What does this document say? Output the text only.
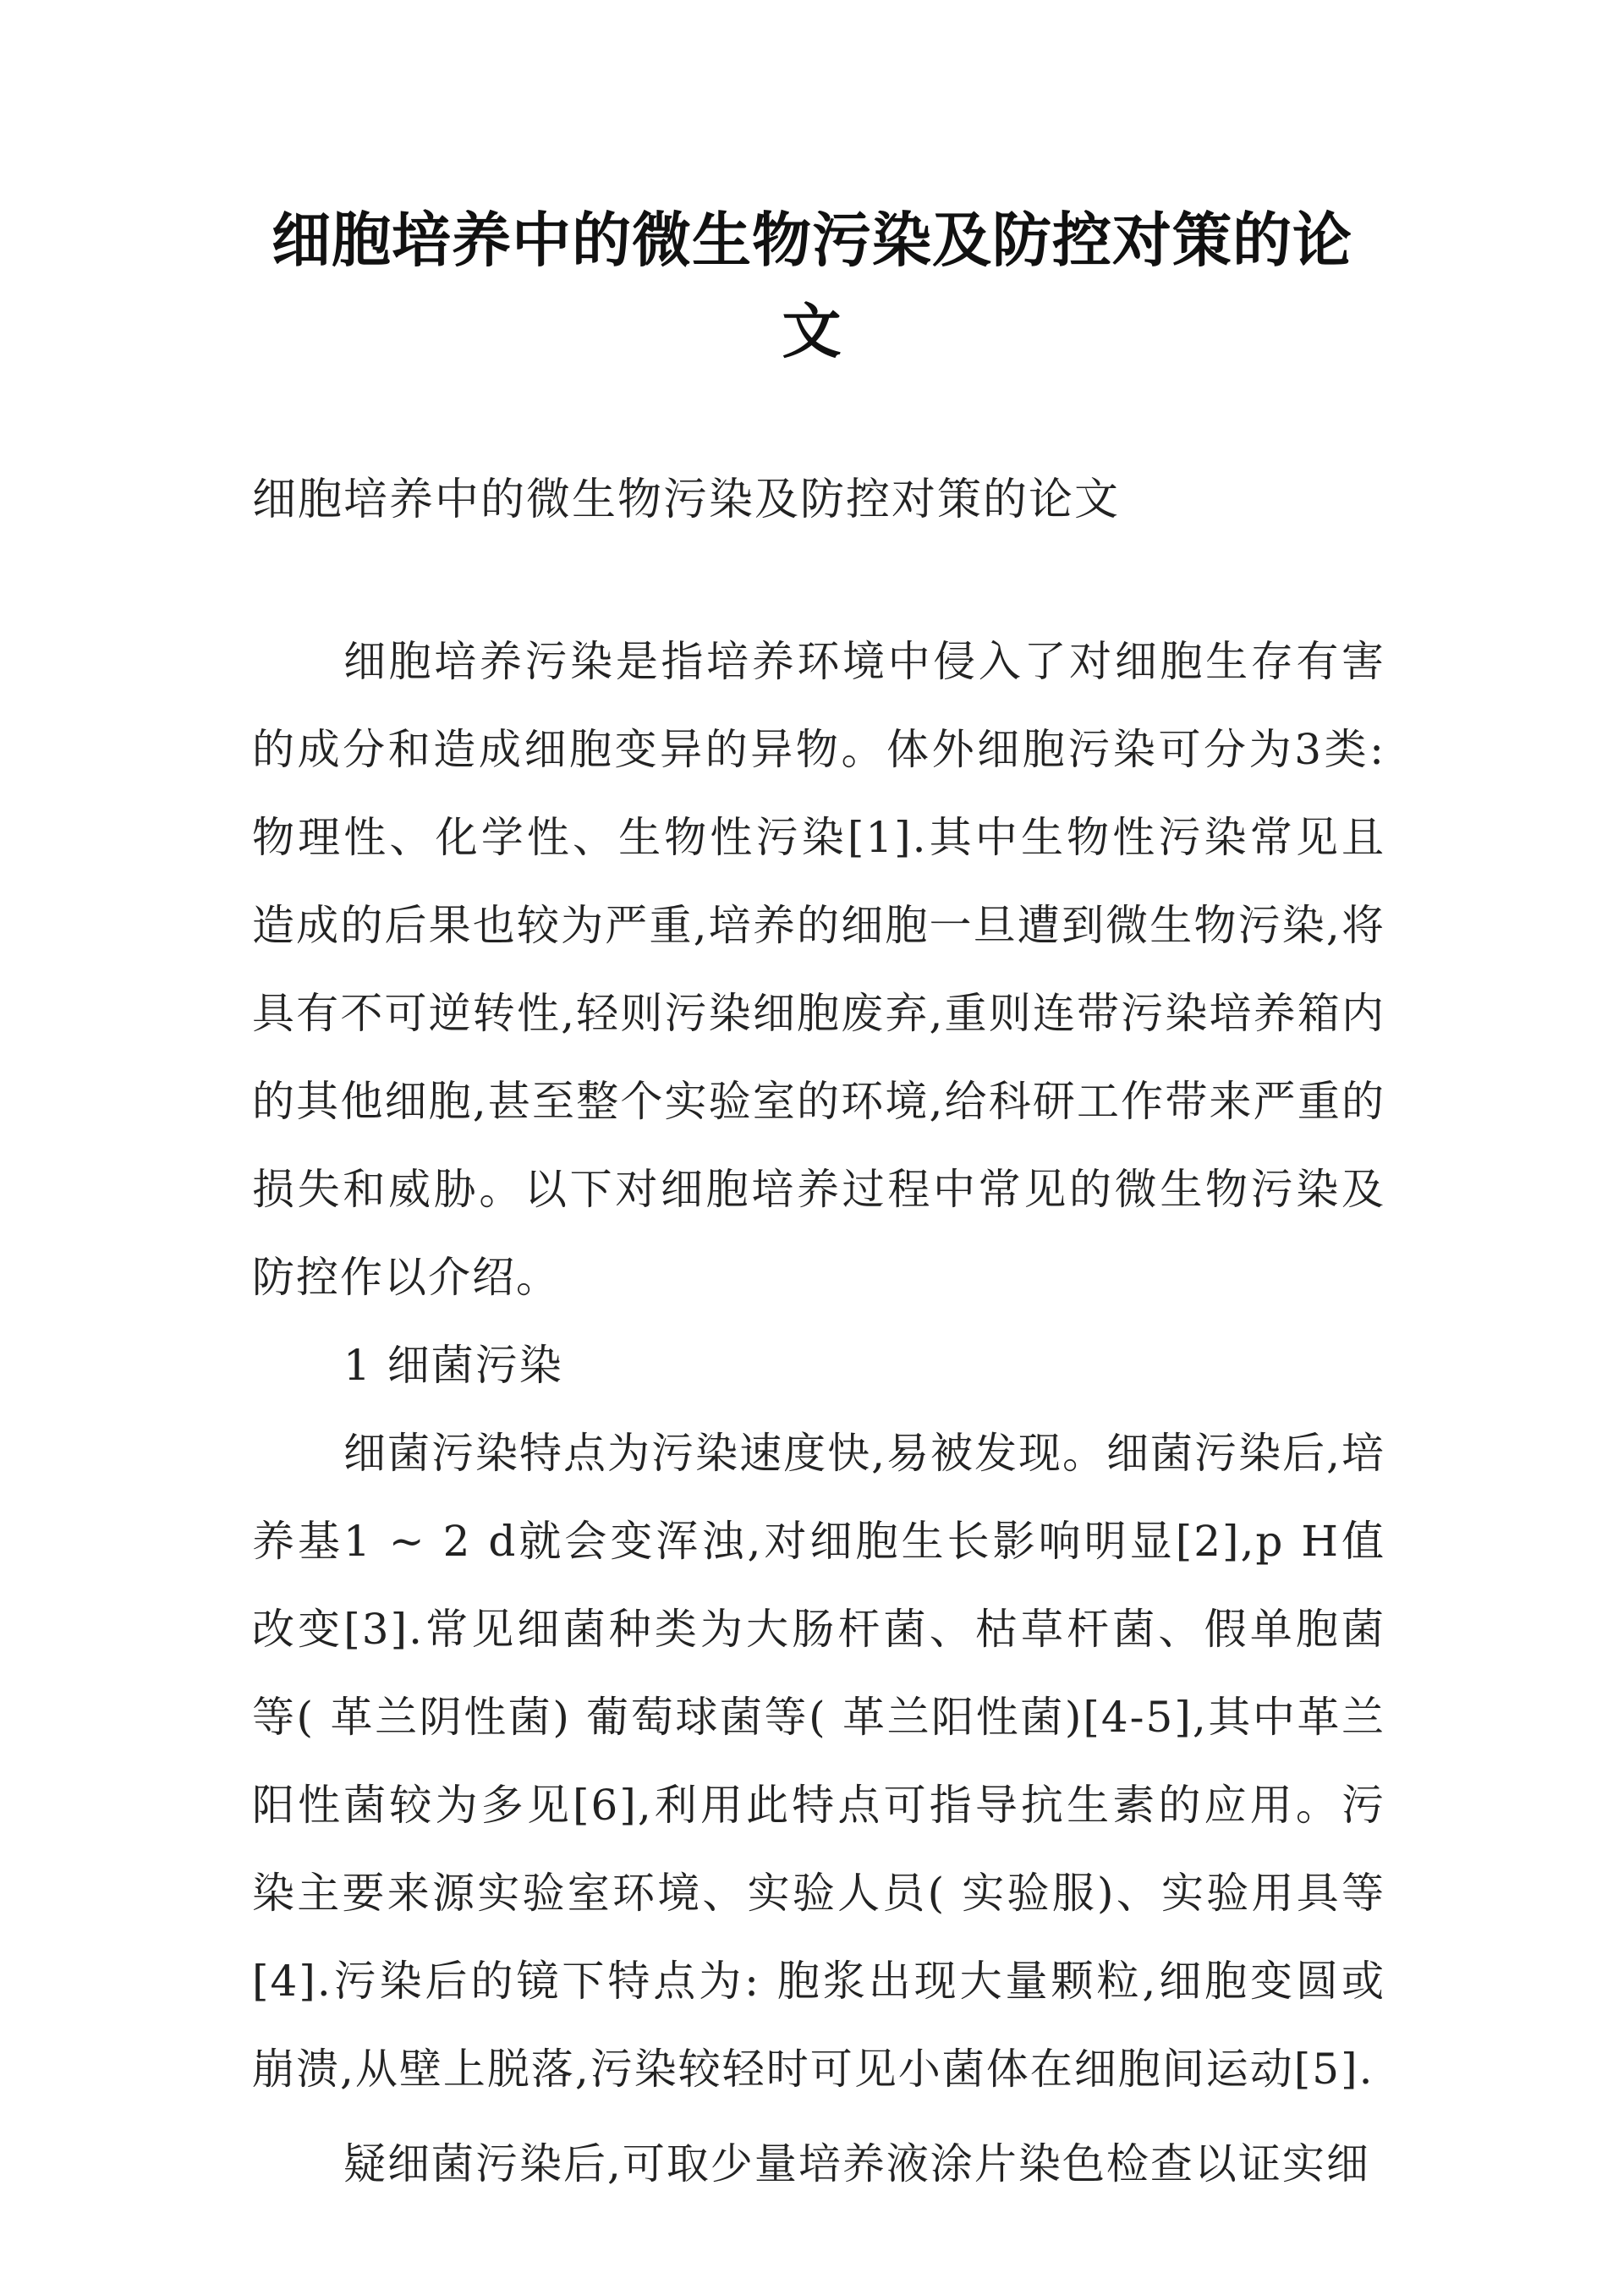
细胞培养中的微生物污染及防控对策的论文

细胞培养中的微生物污染及防控对策的论文

细胞培养污染是指培养环境中侵入了对细胞生存有害的成分和造成细胞变异的异物。体外细胞污染可分为3类:物理性、化学性、生物性污染[1].其中生物性污染常见且造成的后果也较为严重,培养的细胞一旦遭到微生物污染,将具有不可逆转性,轻则污染细胞废弃,重则连带污染培养箱内的其他细胞,甚至整个实验室的环境,给科研工作带来严重的损失和威胁。以下对细胞培养过程中常见的微生物污染及防控作以介绍。

1 细菌污染

细菌污染特点为污染速度快,易被发现。细菌污染后,培养基1 ~ 2 d就会变浑浊,对细胞生长影响明显[2],p H值改变[3].常见细菌种类为大肠杆菌、枯草杆菌、假单胞菌等( 革兰阴性菌) 葡萄球菌等( 革兰阳性菌)[4-5],其中革兰阳性菌较为多见[6],利用此特点可指导抗生素的应用。污染主要来源实验室环境、实验人员( 实验服)、实验用具等[4].污染后的镜下特点为: 胞浆出现大量颗粒,细胞变圆或崩溃,从壁上脱落,污染较轻时可见小菌体在细胞间运动[5].

疑细菌污染后,可取少量培养液涂片染色检查以证实细
